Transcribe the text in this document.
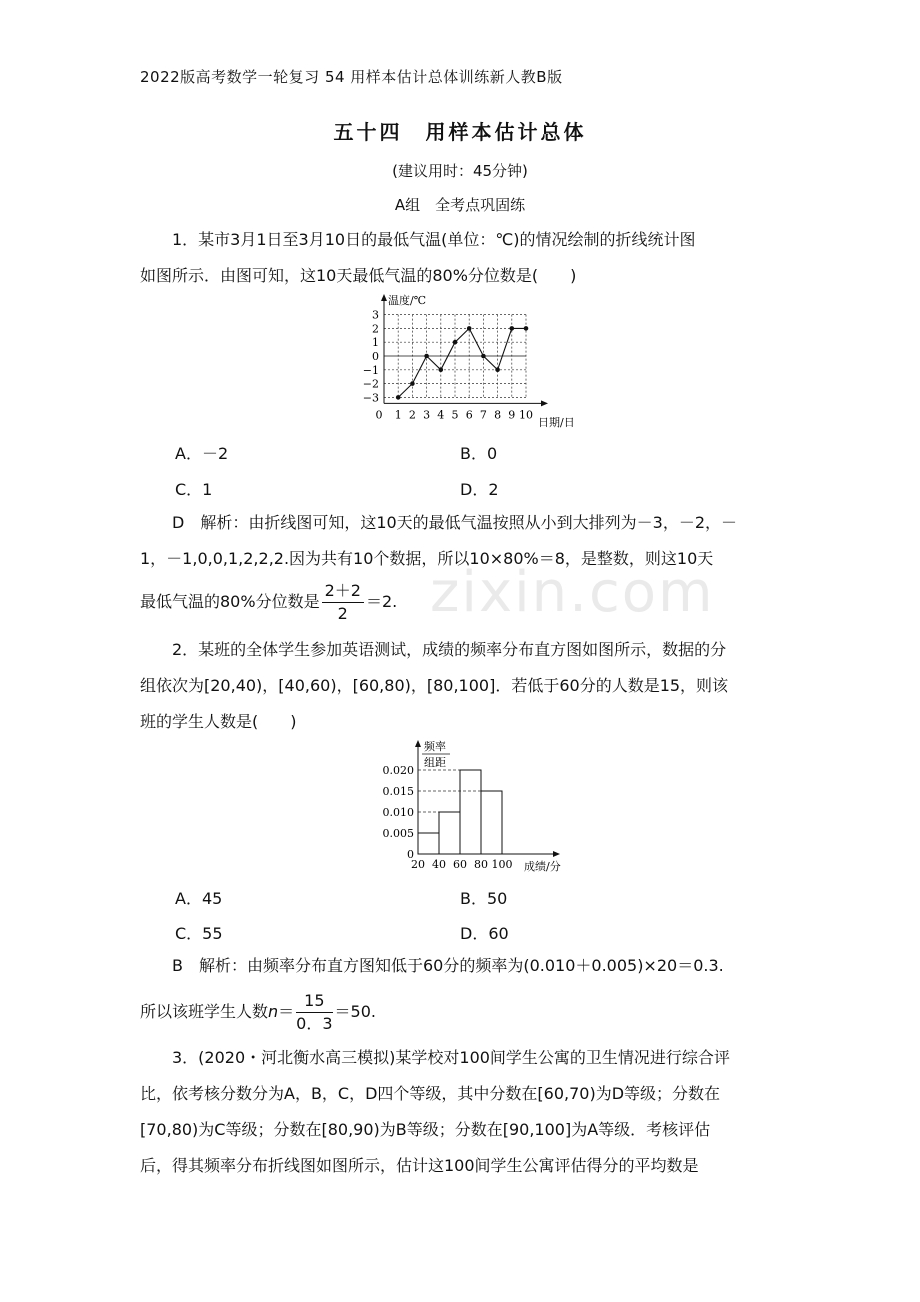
2022版高考数学一轮复习 54 用样本估计总体训练新人教B版
五十四　用样本估计总体
(建议用时：45分钟)
A组　全考点巩固练
1．某市3月1日至3月10日的最低气温(单位：℃)的情况绘制的折线统计图
如图所示．由图可知，这10天最低气温的80%分位数是(　　)
3
2
1
0
−1
−2
−3
0 1 2 3 4 5 6 7 8 9 10
温度/℃
日期/日
A．－2	B．0
C．1	D．2
D　解析：由折线图可知，这10天的最低气温按照从小到大排列为－3，－2，－
1，－1,0,0,1,2,2,2.因为共有10个数据，所以10×80%＝8，是整数，则这10天
最低气温的80%分位数是 $\frac{2+2}{2} =2$.
2．某班的全体学生参加英语测试，成绩的频率分布直方图如图所示，数据的分
组依次为[20,40)，[40,60)，[60,80)，[80,100]．若低于60分的人数是15，则该
班的学生人数是(　　)
0.020
0.015
0.010
0.005
0
20 40 60 80 100
频率
组距
成绩/分
A．45	B．50
C．55	D．60
B　解析：由频率分布直方图知低于60分的频率为(0.010＋0.005)×20＝0.3.
所以该班学生人数$n= \frac{15}{0.3} =50$.
3．(2020・河北衡水高三模拟)某学校对100间学生公寓的卫生情况进行综合评
比，依考核分数分为A，B，C，D四个等级，其中分数在[60,70)为D等级；分数在
[70,80)为C等级；分数在[80,90)为B等级；分数在[90,100]为A等级．考核评估
后，得其频率分布折线图如图所示，估计这100间学生公寓评估得分的平均数是
zixin.com
